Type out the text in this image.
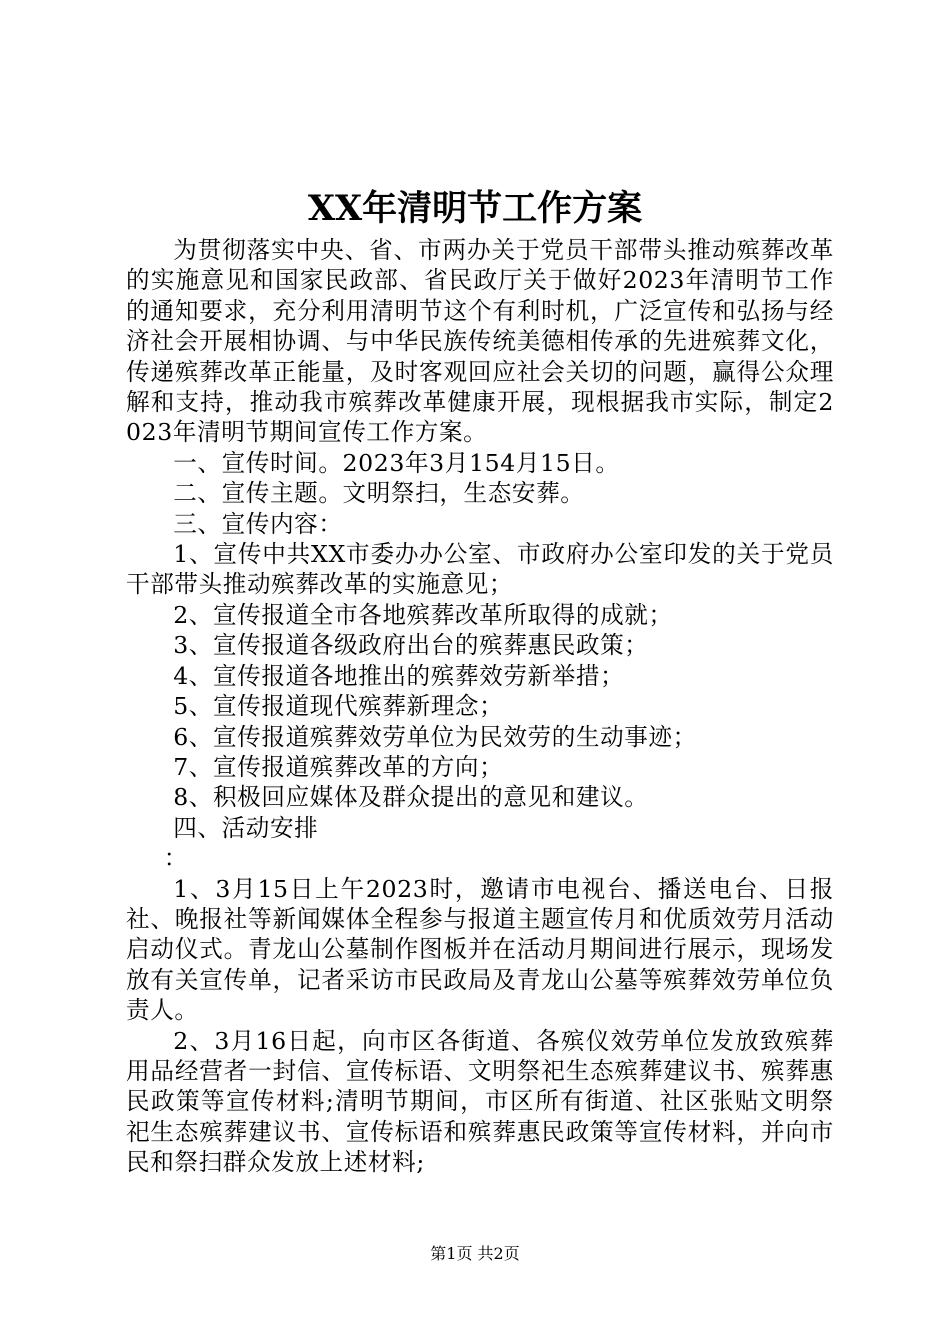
XX年清明节工作方案

为贯彻落实中央、省、市两办关于党员干部带头推动殡葬改革的实施意见和国家民政部、省民政厅关于做好2023年清明节工作的通知要求，充分利用清明节这个有利时机，广泛宣传和弘扬与经济社会开展相协调、与中华民族传统美德相传承的先进殡葬文化，传递殡葬改革正能量，及时客观回应社会关切的问题，赢得公众理解和支持，推动我市殡葬改革健康开展，现根据我市实际，制定2023年清明节期间宣传工作方案。

一、宣传时间。2023年3月154月15日。

二、宣传主题。文明祭扫，生态安葬。

三、宣传内容：

1、宣传中共XX市委办办公室、市政府办公室印发的关于党员干部带头推动殡葬改革的实施意见；

2、宣传报道全市各地殡葬改革所取得的成就；

3、宣传报道各级政府出台的殡葬惠民政策；

4、宣传报道各地推出的殡葬效劳新举措；

5、宣传报道现代殡葬新理念；

6、宣传报道殡葬效劳单位为民效劳的生动事迹；

7、宣传报道殡葬改革的方向；

8、积极回应媒体及群众提出的意见和建议。

四、活动安排

：

1、3月15日上午2023时，邀请市电视台、播送电台、日报社、晚报社等新闻媒体全程参与报道主题宣传月和优质效劳月活动启动仪式。青龙山公墓制作图板并在活动月期间进行展示，现场发放有关宣传单，记者采访市民政局及青龙山公墓等殡葬效劳单位负责人。

2、3月16日起，向市区各街道、各殡仪效劳单位发放致殡葬用品经营者一封信、宣传标语、文明祭祀生态殡葬建议书、殡葬惠民政策等宣传材料;清明节期间，市区所有街道、社区张贴文明祭祀生态殡葬建议书、宣传标语和殡葬惠民政策等宣传材料，并向市民和祭扫群众发放上述材料;

第1页 共2页
